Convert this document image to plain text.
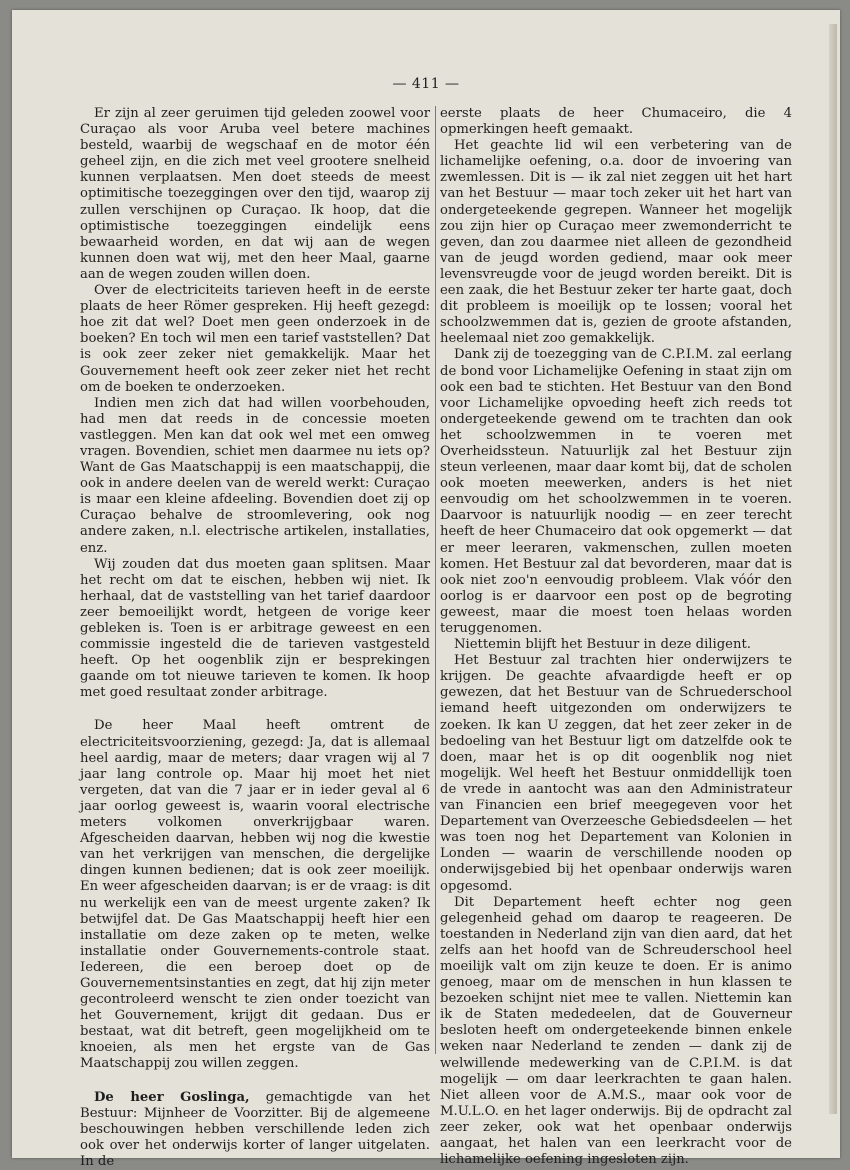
— 411 —

Er zijn al zeer geruimen tijd geleden zoowel voor Curaçao als voor Aruba veel betere machines besteld, waarbij de wegschaaf en de motor één geheel zijn, en die zich met veel grootere snelheid kunnen verplaatsen. Men doet steeds de meest optimitische toezeggingen over den tijd, waarop zij zullen verschijnen op Curaçao. Ik hoop, dat die optimistische toezeggingen eindelijk eens bewaarheid worden, en dat wij aan de wegen kunnen doen wat wij, met den heer Maal, gaarne aan de wegen zouden willen doen.

Over de electriciteits tarieven heeft in de eerste plaats de heer Römer gespreken. Hij heeft gezegd: hoe zit dat wel? Doet men geen onderzoek in de boeken? En toch wil men een tarief vaststellen? Dat is ook zeer zeker niet gemakkelijk. Maar het Gouvernement heeft ook zeer zeker niet het recht om de boeken te onderzoeken.

Indien men zich dat had willen voorbehouden, had men dat reeds in de concessie moeten vastleggen. Men kan dat ook wel met een omweg vragen. Bovendien, schiet men daarmee nu iets op? Want de Gas Maatschappij is een maatschappij, die ook in andere deelen van de wereld werkt: Curaçao is maar een kleine afdeeling. Bovendien doet zij op Curaçao behalve de stroomlevering, ook nog andere zaken, n.l. electrische artikelen, installaties, enz.

Wij zouden dat dus moeten gaan splitsen. Maar het recht om dat te eischen, hebben wij niet. Ik herhaal, dat de vaststelling van het tarief daardoor zeer bemoeilijkt wordt, hetgeen de vorige keer gebleken is. Toen is er arbitrage geweest en een commissie ingesteld die de tarieven vastgesteld heeft. Op het oogenblik zijn er besprekingen gaande om tot nieuwe tarieven te komen. Ik hoop met goed resultaat zonder arbitrage.

De heer Maal heeft omtrent de electriciteitsvoorziening, gezegd: Ja, dat is allemaal heel aardig, maar de meters; daar vragen wij al 7 jaar lang controle op. Maar hij moet het niet vergeten, dat van die 7 jaar er in ieder geval al 6 jaar oorlog geweest is, waarin vooral electrische meters volkomen onverkrijgbaar waren. Afgescheiden daarvan, hebben wij nog die kwestie van het verkrijgen van menschen, die dergelijke dingen kunnen bedienen; dat is ook zeer moeilijk. En weer afgescheiden daarvan; is er de vraag: is dit nu werkelijk een van de meest urgente zaken? Ik betwijfel dat. De Gas Maatschappij heeft hier een installatie om deze zaken op te meten, welke installatie onder Gouvernements-controle staat. Iedereen, die een beroep doet op de Gouvernementsinstanties en zegt, dat hij zijn meter gecontroleerd wenscht te zien onder toezicht van het Gouvernement, krijgt dit gedaan. Dus er bestaat, wat dit betreft, geen mogelijkheid om te knoeien, als men het ergste van de Gas Maatschappij zou willen zeggen.

De heer Goslinga, gemachtigde van het Bestuur: Mijnheer de Voorzitter. Bij de algemeene beschouwingen hebben verschillende leden zich ook over het onderwijs korter of langer uitgelaten. In de

eerste plaats de heer Chumaceiro, die 4 opmerkingen heeft gemaakt.

Het geachte lid wil een verbetering van de lichamelijke oefening, o.a. door de invoering van zwemlessen. Dit is — ik zal niet zeggen uit het hart van het Bestuur — maar toch zeker uit het hart van ondergeteekende gegrepen. Wanneer het mogelijk zou zijn hier op Curaçao meer zwemonderricht te geven, dan zou daarmee niet alleen de gezondheid van de jeugd worden gediend, maar ook meer levensvreugde voor de jeugd worden bereikt. Dit is een zaak, die het Bestuur zeker ter harte gaat, doch dit probleem is moeilijk op te lossen; vooral het schoolzwemmen dat is, gezien de groote afstanden, heelemaal niet zoo gemakkelijk.

Dank zij de toezegging van de C.P.I.M. zal eerlang de bond voor Lichamelijke Oefening in staat zijn om ook een bad te stichten. Het Bestuur van den Bond voor Lichamelijke opvoeding heeft zich reeds tot ondergeteekende gewend om te trachten dan ook het schoolzwemmen in te voeren met Overheidssteun. Natuurlijk zal het Bestuur zijn steun verleenen, maar daar komt bij, dat de scholen ook moeten meewerken, anders is het niet eenvoudig om het schoolzwemmen in te voeren. Daarvoor is natuurlijk noodig — en zeer terecht heeft de heer Chumaceiro dat ook opgemerkt — dat er meer leeraren, vakmenschen, zullen moeten komen. Het Bestuur zal dat bevorderen, maar dat is ook niet zoo'n eenvoudig probleem. Vlak vóór den oorlog is er daarvoor een post op de begroting geweest, maar die moest toen helaas worden teruggenomen.

Niettemin blijft het Bestuur in deze diligent.

Het Bestuur zal trachten hier onderwijzers te krijgen. De geachte afvaardigde heeft er op gewezen, dat het Bestuur van de Schruederschool iemand heeft uitgezonden om onderwijzers te zoeken. Ik kan U zeggen, dat het zeer zeker in de bedoeling van het Bestuur ligt om datzelfde ook te doen, maar het is op dit oogenblik nog niet mogelijk. Wel heeft het Bestuur onmiddellijk toen de vrede in aantocht was aan den Administrateur van Financien een brief meegegeven voor het Departement van Overzeesche Gebiedsdeelen — het was toen nog het Departement van Kolonien in Londen — waarin de verschillende nooden op onderwijsgebied bij het openbaar onderwijs waren opgesomd.

Dit Departement heeft echter nog geen gelegenheid gehad om daarop te reageeren. De toestanden in Nederland zijn van dien aard, dat het zelfs aan het hoofd van de Schreuderschool heel moeilijk valt om zijn keuze te doen. Er is animo genoeg, maar om de menschen in hun klassen te bezoeken schijnt niet mee te vallen. Niettemin kan ik de Staten mededeelen, dat de Gouverneur besloten heeft om ondergeteekende binnen enkele weken naar Nederland te zenden — dank zij de welwillende medewerking van de C.P.I.M. is dat mogelijk — om daar leerkrachten te gaan halen. Niet alleen voor de A.M.S., maar ook voor de M.U.L.O. en het lager onderwijs. Bij de opdracht zal zeer zeker, ook wat het openbaar onderwijs aangaat, het halen van een leerkracht voor de lichamelijke oefening ingesloten zijn.
